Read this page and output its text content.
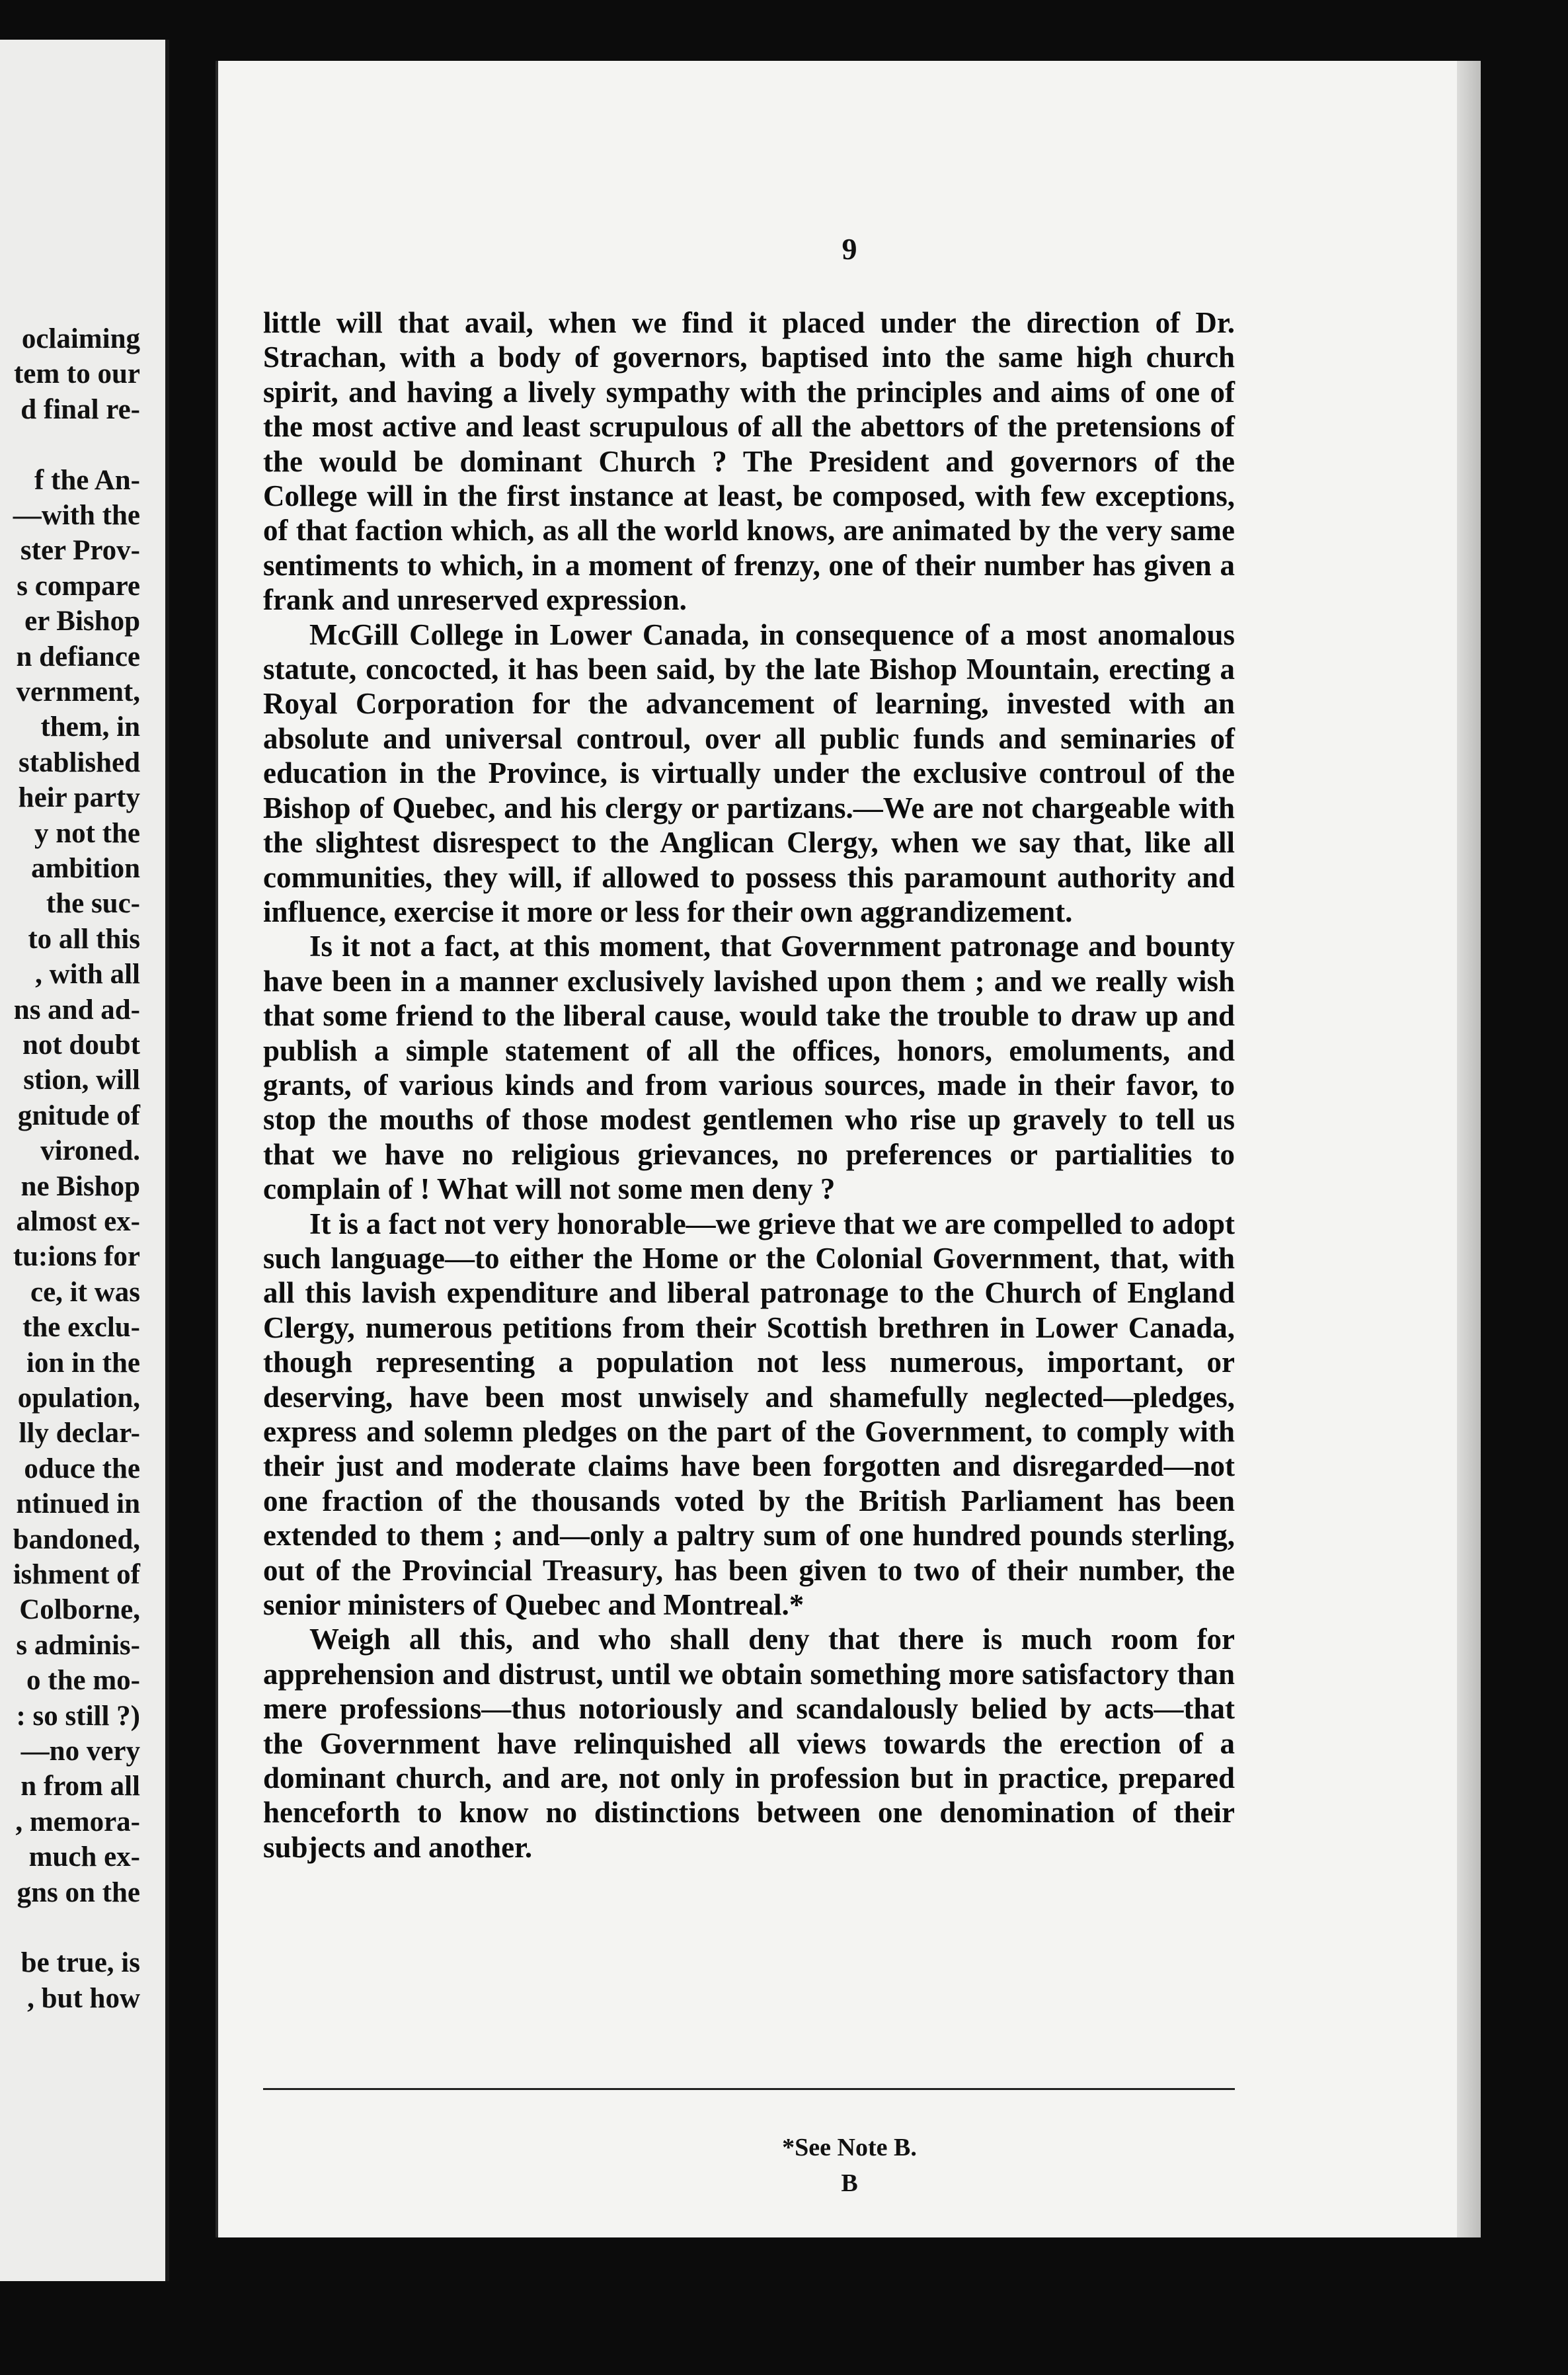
oclaiming
tem to our
d final re-
f the An-
—with the
ster Prov-
s compare
er Bishop
n defiance
vernment,
them, in
stablished
heir party
y not the
ambition
the suc-
to all this
, with all
ns and ad-
not doubt
stion, will
gnitude of
vironed.
ne Bishop
almost ex-
tu:ions for
ce, it was
the exclu-
ion in the
opulation,
lly declar-
oduce the
ntinued in
bandoned,
ishment of
Colborne,
s adminis-
o the mo-
: so still ?)
—no very
n from all
, memora-
much ex-
gns on the
be true, is
, but how
9

little will that avail, when we find it placed under the direction of Dr. Strachan, with a body of governors, baptised into the same high church spirit, and having a lively sympathy with the principles and aims of one of the most active and least scrupulous of all the abettors of the pretensions of the would be dominant Church ? The President and governors of the College will in the first instance at least, be composed, with few exceptions, of that faction which, as all the world knows, are animated by the very same sentiments to which, in a moment of frenzy, one of their number has given a frank and unreserved expression.

McGill College in Lower Canada, in consequence of a most anomalous statute, concocted, it has been said, by the late Bishop Mountain, erecting a Royal Corporation for the advancement of learning, invested with an absolute and universal controul, over all public funds and seminaries of education in the Province, is virtually under the exclusive controul of the Bishop of Quebec, and his clergy or partizans.—We are not chargeable with the slightest disrespect to the Anglican Clergy, when we say that, like all communities, they will, if allowed to possess this paramount authority and influence, exercise it more or less for their own aggrandizement.

Is it not a fact, at this moment, that Government patronage and bounty have been in a manner exclusively lavished upon them ; and we really wish that some friend to the liberal cause, would take the trouble to draw up and publish a simple statement of all the offices, honors, emoluments, and grants, of various kinds and from various sources, made in their favor, to stop the mouths of those modest gentlemen who rise up gravely to tell us that we have no religious grievances, no preferences or partialities to complain of ! What will not some men deny ?

It is a fact not very honorable—we grieve that we are compelled to adopt such language—to either the Home or the Colonial Government, that, with all this lavish expenditure and liberal patronage to the Church of England Clergy, numerous petitions from their Scottish brethren in Lower Canada, though representing a population not less numerous, important, or deserving, have been most unwisely and shamefully neglected—pledges, express and solemn pledges on the part of the Government, to comply with their just and moderate claims have been forgotten and disregarded—not one fraction of the thousands voted by the British Parliament has been extended to them ; and—only a paltry sum of one hundred pounds sterling, out of the Provincial Treasury, has been given to two of their number, the senior ministers of Quebec and Montreal.*

Weigh all this, and who shall deny that there is much room for apprehension and distrust, until we obtain something more satisfactory than mere professions—thus notoriously and scandalously belied by acts—that the Government have relinquished all views towards the erection of a dominant church, and are, not only in profession but in practice, prepared henceforth to know no distinctions between one denomination of their subjects and another.

*See Note B.
B
